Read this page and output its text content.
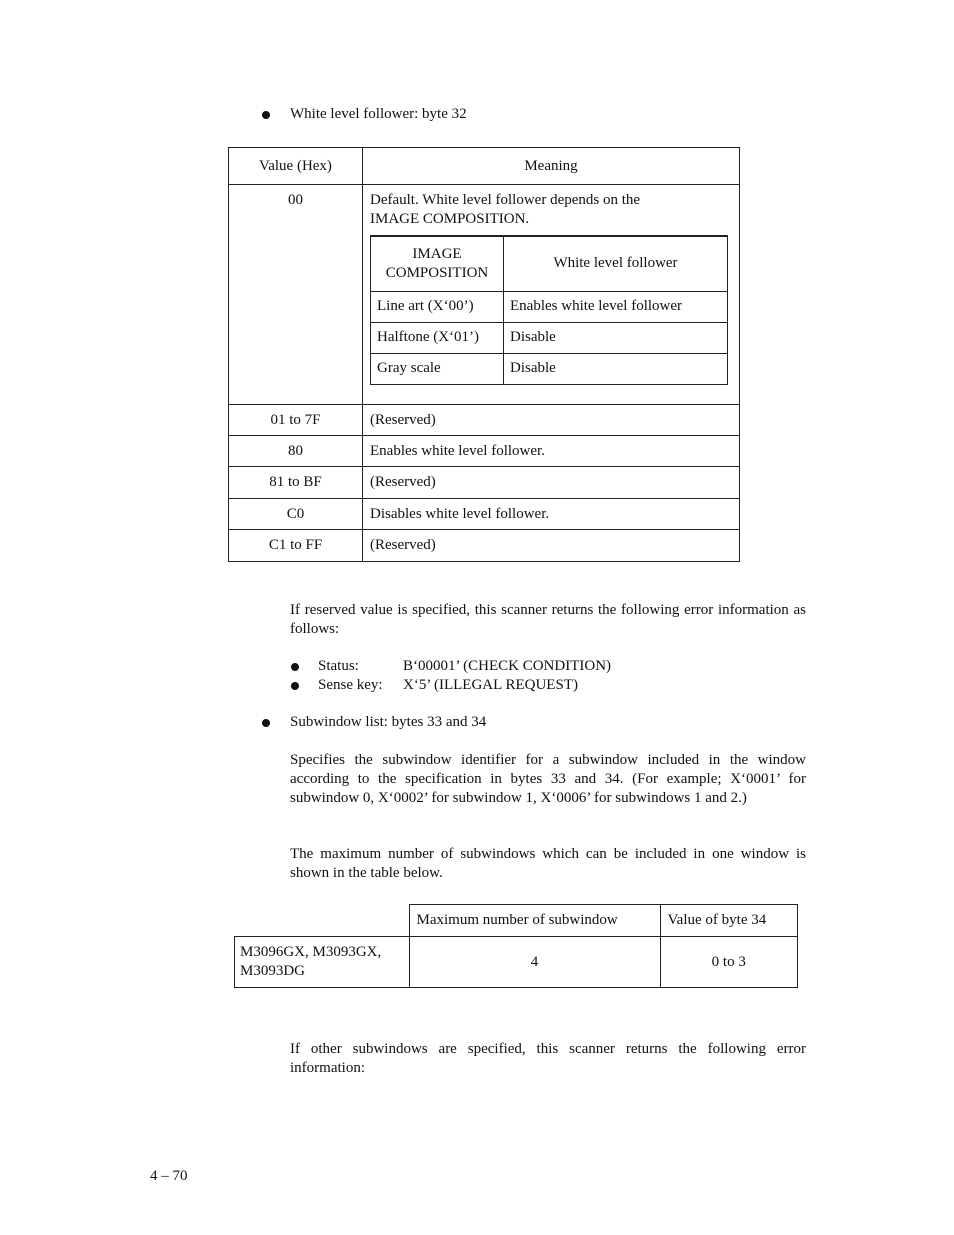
White level follower: byte 32
Value (Hex)	Meaning
00	Default. White level follower depends on the
IMAGE COMPOSITION.
IMAGE
COMPOSITION
	White level follower
Line art (X‘00’)	Enables white level follower
Halftone (X‘01’)	Disable
Gray scale	Disable

01 to 7F	(Reserved)
80	Enables white level follower.
81 to BF	(Reserved)
C0	Disables white level follower.
C1 to FF	(Reserved)
If reserved value is specified, this scanner returns the following error information as follows:
Status:	B‘00001’ (CHECK CONDITION)
Sense key: X‘5’ (ILLEGAL REQUEST)
Subwindow list: bytes 33 and 34
Specifies the subwindow identifier for a subwindow included in the window according to the specification in bytes 33 and 34. (For example; X‘0001’ for subwindow 0, X‘0002’ for subwindow 1, X‘0006’ for subwindows 1 and 2.)
The maximum number of subwindows which can be included in one window is shown in the table below.
	Maximum number of subwindow	Value of byte 34

M3096GX, M3093GX,
M3093DG	4	0 to 3
If other subwindows are specified, this scanner returns the following error information:
4 – 70
